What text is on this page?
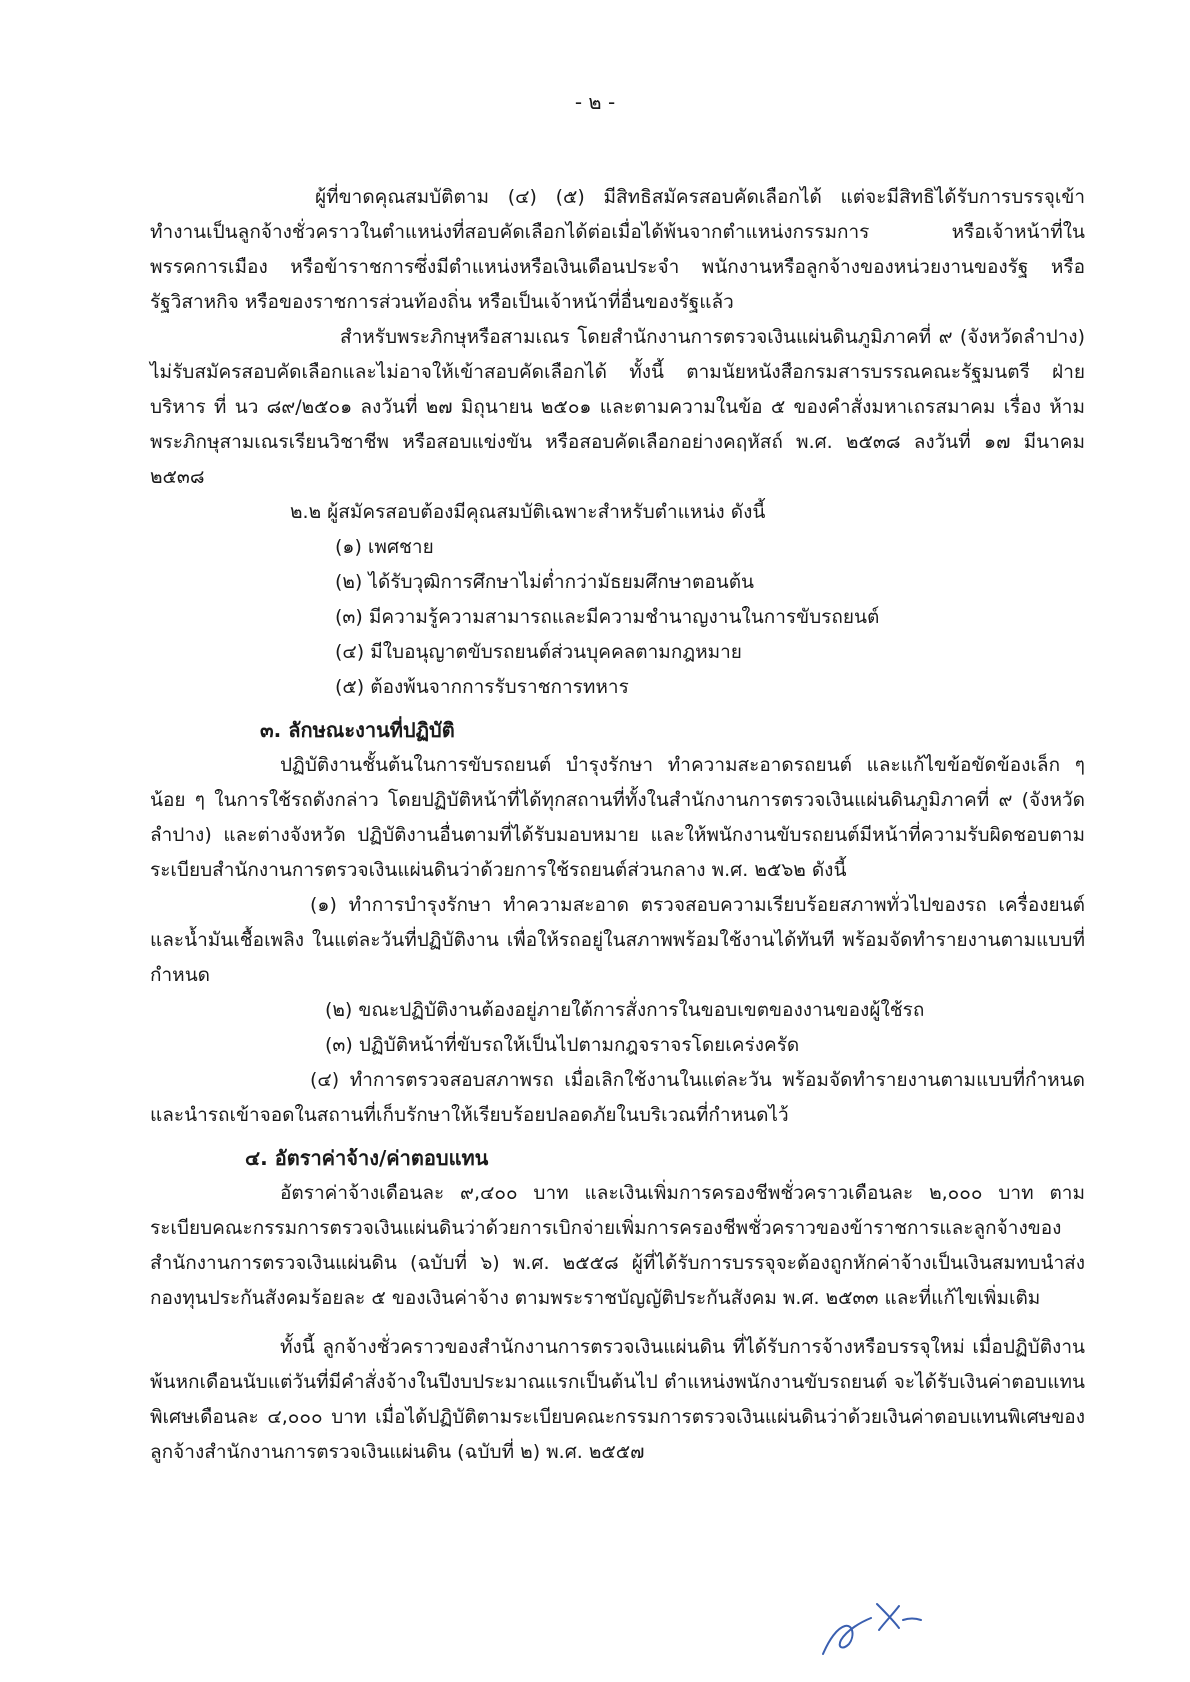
- ๒ -

ผู้ที่ขาดคุณสมบัติตาม (๔) (๕) มีสิทธิสมัครสอบคัดเลือกได้ แต่จะมีสิทธิได้รับการบรรจุเข้าทำงานเป็นลูกจ้างชั่วคราวในตำแหน่งที่สอบคัดเลือกได้ต่อเมื่อได้พ้นจากตำแหน่งกรรมการ หรือเจ้าหน้าที่ในพรรคการเมือง หรือข้าราชการซึ่งมีตำแหน่งหรือเงินเดือนประจำ พนักงานหรือลูกจ้างของหน่วยงานของรัฐ หรือรัฐวิสาหกิจ หรือของราชการส่วนท้องถิ่น หรือเป็นเจ้าหน้าที่อื่นของรัฐแล้ว

สำหรับพระภิกษุหรือสามเณร โดยสำนักงานการตรวจเงินแผ่นดินภูมิภาคที่ ๙ (จังหวัดลำปาง) ไม่รับสมัครสอบคัดเลือกและไม่อาจให้เข้าสอบคัดเลือกได้ ทั้งนี้ ตามนัยหนังสือกรมสารบรรณคณะรัฐมนตรี ฝ่ายบริหาร ที่ นว ๘๙/๒๕๐๑ ลงวันที่ ๒๗ มิถุนายน ๒๕๐๑ และตามความในข้อ ๕ ของคำสั่งมหาเถรสมาคม เรื่อง ห้ามพระภิกษุสามเณรเรียนวิชาชีพ หรือสอบแข่งขัน หรือสอบคัดเลือกอย่างคฤหัสถ์ พ.ศ. ๒๕๓๘ ลงวันที่ ๑๗ มีนาคม ๒๕๓๘

๒.๒ ผู้สมัครสอบต้องมีคุณสมบัติเฉพาะสำหรับตำแหน่ง ดังนี้

(๑) เพศชาย

(๒) ได้รับวุฒิการศึกษาไม่ต่ำกว่ามัธยมศึกษาตอนต้น

(๓) มีความรู้ความสามารถและมีความชำนาญงานในการขับรถยนต์

(๔) มีใบอนุญาตขับรถยนต์ส่วนบุคคลตามกฎหมาย

(๕) ต้องพ้นจากการรับราชการทหาร

๓. ลักษณะงานที่ปฏิบัติ

ปฏิบัติงานชั้นต้นในการขับรถยนต์ บำรุงรักษา ทำความสะอาดรถยนต์ และแก้ไขข้อขัดข้องเล็ก ๆ น้อย ๆ ในการใช้รถดังกล่าว โดยปฏิบัติหน้าที่ได้ทุกสถานที่ทั้งในสำนักงานการตรวจเงินแผ่นดินภูมิภาคที่ ๙ (จังหวัดลำปาง) และต่างจังหวัด ปฏิบัติงานอื่นตามที่ได้รับมอบหมาย และให้พนักงานขับรถยนต์มีหน้าที่ความรับผิดชอบตามระเบียบสำนักงานการตรวจเงินแผ่นดินว่าด้วยการใช้รถยนต์ส่วนกลาง พ.ศ. ๒๕๖๒ ดังนี้

(๑) ทำการบำรุงรักษา ทำความสะอาด ตรวจสอบความเรียบร้อยสภาพทั่วไปของรถ เครื่องยนต์ และน้ำมันเชื้อเพลิง ในแต่ละวันที่ปฏิบัติงาน เพื่อให้รถอยู่ในสภาพพร้อมใช้งานได้ทันที พร้อมจัดทำรายงานตามแบบที่กำหนด

(๒) ขณะปฏิบัติงานต้องอยู่ภายใต้การสั่งการในขอบเขตของงานของผู้ใช้รถ

(๓) ปฏิบัติหน้าที่ขับรถให้เป็นไปตามกฎจราจรโดยเคร่งครัด

(๔) ทำการตรวจสอบสภาพรถ เมื่อเลิกใช้งานในแต่ละวัน พร้อมจัดทำรายงานตามแบบที่กำหนดและนำรถเข้าจอดในสถานที่เก็บรักษาให้เรียบร้อยปลอดภัยในบริเวณที่กำหนดไว้

๔. อัตราค่าจ้าง/ค่าตอบแทน

อัตราค่าจ้างเดือนละ ๙,๔๐๐ บาท และเงินเพิ่มการครองชีพชั่วคราวเดือนละ ๒,๐๐๐ บาท ตามระเบียบคณะกรรมการตรวจเงินแผ่นดินว่าด้วยการเบิกจ่ายเพิ่มการครองชีพชั่วคราวของข้าราชการและลูกจ้างของสำนักงานการตรวจเงินแผ่นดิน (ฉบับที่ ๖) พ.ศ. ๒๕๕๘ ผู้ที่ได้รับการบรรจุจะต้องถูกหักค่าจ้างเป็นเงินสมทบนำส่งกองทุนประกันสังคมร้อยละ ๕ ของเงินค่าจ้าง ตามพระราชบัญญัติประกันสังคม พ.ศ. ๒๕๓๓ และที่แก้ไขเพิ่มเติม

ทั้งนี้ ลูกจ้างชั่วคราวของสำนักงานการตรวจเงินแผ่นดิน ที่ได้รับการจ้างหรือบรรจุใหม่ เมื่อปฏิบัติงานพ้นหกเดือนนับแต่วันที่มีคำสั่งจ้างในปีงบประมาณแรกเป็นต้นไป ตำแหน่งพนักงานขับรถยนต์ จะได้รับเงินค่าตอบแทนพิเศษเดือนละ ๔,๐๐๐ บาท เมื่อได้ปฏิบัติตามระเบียบคณะกรรมการตรวจเงินแผ่นดินว่าด้วยเงินค่าตอบแทนพิเศษของลูกจ้างสำนักงานการตรวจเงินแผ่นดิน (ฉบับที่ ๒) พ.ศ. ๒๕๕๗
